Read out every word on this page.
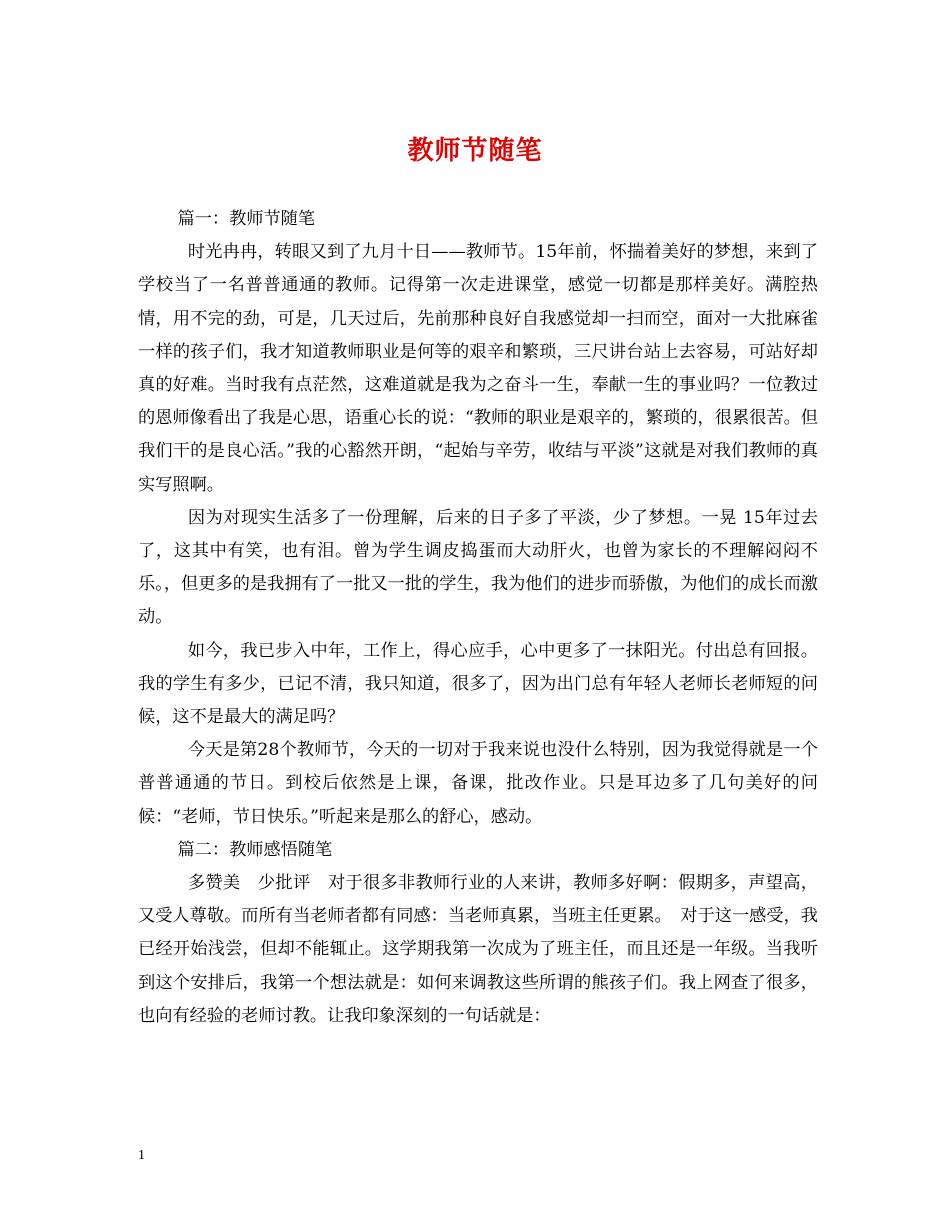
教师节随笔

篇一：教师节随笔

时光冉冉，转眼又到了九月十日——教师节。15年前，怀揣着美好的梦想，来到了学校当了一名普普通通的教师。记得第一次走进课堂，感觉一切都是那样美好。满腔热情，用不完的劲，可是，几天过后，先前那种良好自我感觉却一扫而空，面对一大批麻雀一样的孩子们，我才知道教师职业是何等的艰辛和繁琐，三尺讲台站上去容易，可站好却真的好难。当时我有点茫然，这难道就是我为之奋斗一生，奉献一生的事业吗？一位教过的恩师像看出了我是心思，语重心长的说：“教师的职业是艰辛的，繁琐的，很累很苦。但我们干的是良心活。”我的心豁然开朗，“起始与辛劳，收结与平淡”这就是对我们教师的真实写照啊。

因为对现实生活多了一份理解，后来的日子多了平淡，少了梦想。一晃 15年过去了，这其中有笑，也有泪。曾为学生调皮捣蛋而大动肝火，也曾为家长的不理解闷闷不乐。，但更多的是我拥有了一批又一批的学生，我为他们的进步而骄傲，为他们的成长而激动。

如今，我已步入中年，工作上，得心应手，心中更多了一抹阳光。付出总有回报。我的学生有多少，已记不清，我只知道，很多了，因为出门总有年轻人老师长老师短的问候，这不是最大的满足吗？

今天是第28个教师节，今天的一切对于我来说也没什么特别，因为我觉得就是一个普普通通的节日。到校后依然是上课，备课，批改作业。只是耳边多了几句美好的问候：“老师，节日快乐。”听起来是那么的舒心，感动。

篇二：教师感悟随笔

多赞美　少批评　对于很多非教师行业的人来讲，教师多好啊：假期多，声望高，又受人尊敬。而所有当老师者都有同感：当老师真累，当班主任更累。　对于这一感受，我已经开始浅尝，但却不能辄止。这学期我第一次成为了班主任，而且还是一年级。当我听到这个安排后，我第一个想法就是：如何来调教这些所谓的熊孩子们。我上网查了很多，也向有经验的老师讨教。让我印象深刻的一句话就是：

1
